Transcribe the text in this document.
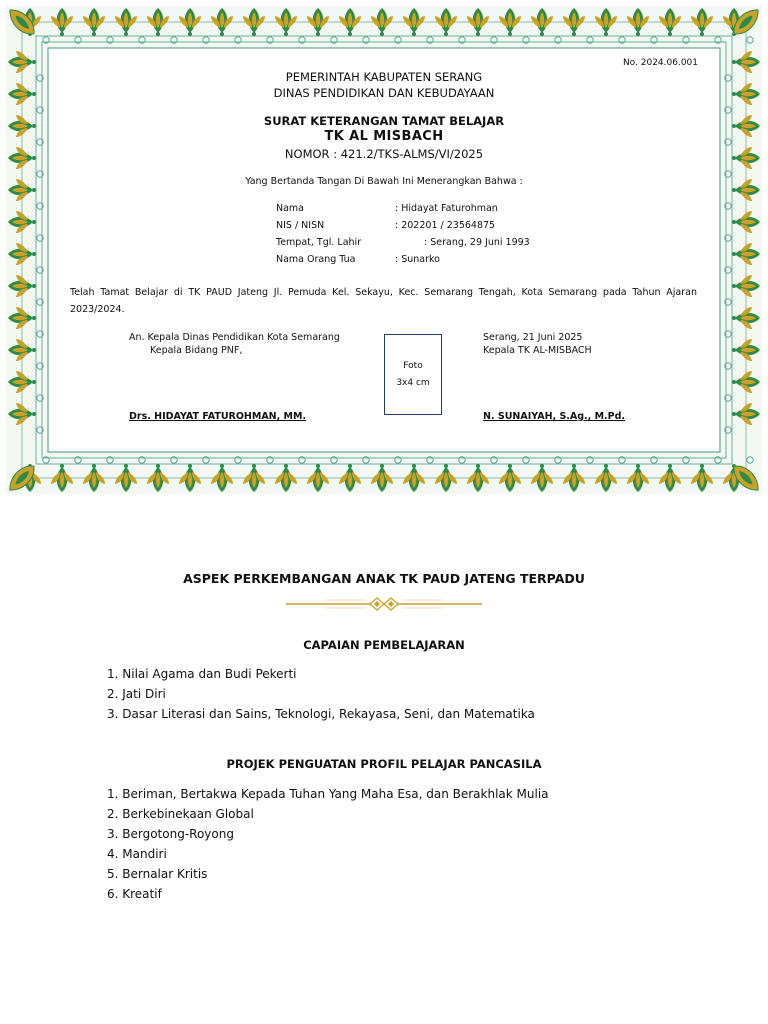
No. 2024.06.001
PEMERINTAH KABUPATEN SERANG
DINAS PENDIDIKAN DAN KEBUDAYAAN
SURAT KETERANGAN TAMAT BELAJAR
TK AL MISBACH
NOMOR : 421.2/TKS-ALMS/VI/2025
Yang Bertanda Tangan Di Bawah Ini Menerangkan Bahwa :
Nama	: Hidayat Faturohman
NIS / NISN	: 202201 / 23564875
Tempat, Tgl. Lahir	: Serang, 29 Juni 1993
Nama Orang Tua	: Sunarko
Telah Tamat Belajar di TK PAUD Jateng Jl. Pemuda Kel. Sekayu, Kec. Semarang Tengah, Kota Semarang pada Tahun Ajaran 2023/2024.
An. Kepala Dinas Pendidikan Kota Semarang
Kepala Bidang PNF,
Drs. HIDAYAT FATUROHMAN, MM.
Foto
3x4 cm
Serang, 21 Juni 2025
Kepala TK AL-MISBACH
N. SUNAIYAH, S.Ag., M.Pd.
ASPEK PERKEMBANGAN ANAK TK PAUD JATENG TERPADU
CAPAIAN PEMBELAJARAN
1. Nilai Agama dan Budi Pekerti
2. Jati Diri
3. Dasar Literasi dan Sains, Teknologi, Rekayasa, Seni, dan Matematika
PROJEK PENGUATAN PROFIL PELAJAR PANCASILA
1. Beriman, Bertakwa Kepada Tuhan Yang Maha Esa, dan Berakhlak Mulia
2. Berkebinekaan Global
3. Bergotong-Royong
4. Mandiri
5. Bernalar Kritis
6. Kreatif
